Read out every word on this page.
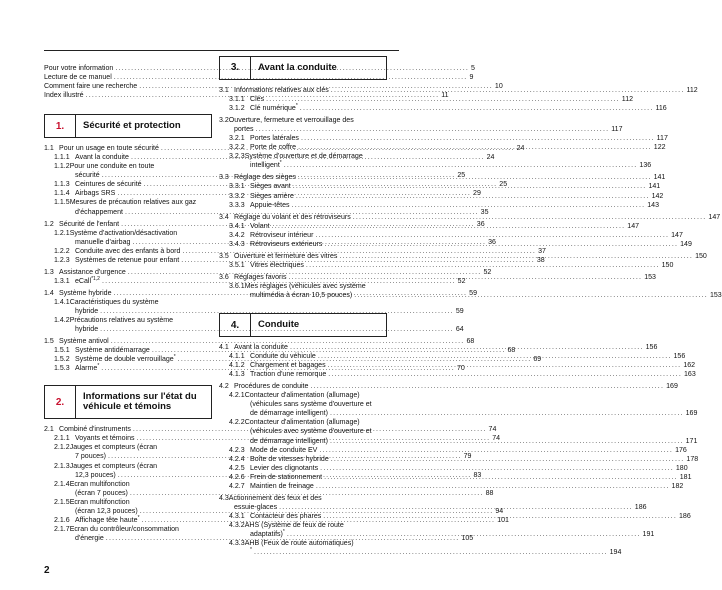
Pour votre information .....	5
Lecture de ce manuel .....	9
Comment faire une recherche .....	10
Index illustré .....	11
1.	Sécurité et protection
1.1 Pour un usage en toute sécurité .....	24
1.1.1 Avant la conduite .....	24
1.1.2Pour une conduite en toute
sécurité .....	25
1.1.3 Ceintures de sécurité .....	25
1.1.4 Airbags SRS .....	29
1.1.5Mesures de précaution relatives aux gaz
d'échappement .....	35
1.2 Sécurité de l'enfant .....	36
1.2.1Système d'activation/désactivation
manuelle d'airbag .....	36
1.2.2 Conduite avec des enfants à bord .....	37
1.2.3 Systèmes de retenue pour enfant .....	38
1.3 Assistance d'urgence .....	52
1.3.1 eCall$^{*1,2}$ .....	52
1.4 Système hybride .....	59
1.4.1Caractéristiques du système
hybride .....	59
1.4.2Précautions relatives au système
hybride .....	64
1.5 Système antivol .....	68
1.5.1 Système antidémarrage .....	68
1.5.2 Système de double verrouillage* .....	69
1.5.3 Alarme* .....	70
2.	Informations sur l'état du
véhicule et témoins
2.1 Combiné d'instruments .....	74
2.1.1 Voyants et témoins .....	74
2.1.2Jauges et compteurs (écran
7 pouces) .....	79
2.1.3Jauges et compteurs (écran
12,3 pouces) .....	83
2.1.4Ecran multifonction
(écran 7 pouces) .....	88
2.1.5Ecran multifonction
(écran 12,3 pouces) .....	94
2.1.6 Affichage tête haute* .....	101
2.1.7Ecran du contrôleur/consommation
d'énergie .....	105
3.	Avant la conduite
3.1 Informations relatives aux clés .....	112
3.1.1 Clés .....	112
3.1.2 Clé numérique* .....	116
3.2Ouverture, fermeture et verrouillage des
portes .....	117
3.2.1 Portes latérales .....	117
3.2.2 Porte de coffre .....	122
3.2.3Système d'ouverture et de démarrage
intelligent* .....	136
3.3 Réglage des sièges .....	141
3.3.1 Sièges avant .....	141
3.3.2 Sièges arrière .....	142
3.3.3 Appuie-têtes .....	143
3.4 Réglage du volant et des rétroviseurs .....	147
3.4.1 Volant .....	147
3.4.2 Rétroviseur intérieur .....	147
3.4.3 Rétroviseurs extérieurs .....	149
3.5 Ouverture et fermeture des vitres .....	150
3.5.1 Vitres électriques .....	150
3.6 Réglages favoris .....	153
3.6.1Mes réglages (véhicules avec système
multimédia à écran 10,5 pouces) .....	153
4.	Conduite
4.1 Avant la conduite .....	156
4.1.1 Conduite du véhicule .....	156
4.1.2 Chargement et bagages .....	162
4.1.3 Traction d'une remorque .....	163
4.2 Procédures de conduite .....	169
4.2.1Contacteur d'alimentation (allumage)
(véhicules sans système d'ouverture et
de démarrage intelligent) .....	169
4.2.2Contacteur d'alimentation (allumage)
(véhicules avec système d'ouverture et
de démarrage intelligent) .....	171
4.2.3 Mode de conduite EV .....	176
4.2.4 Boîte de vitesses hybride .....	178
4.2.5 Levier des clignotants .....	180
4.2.6 Frein de stationnement .....	181
4.2.7 Maintien de freinage .....	182
4.3Actionnement des feux et des
essuie-glaces .....	186
4.3.1 Contacteur des phares .....	186
4.3.2AHS (Système de feux de route
adaptatifs)* .....	191
4.3.3AHB (Feux de route automatiques)
* .....	194
2
